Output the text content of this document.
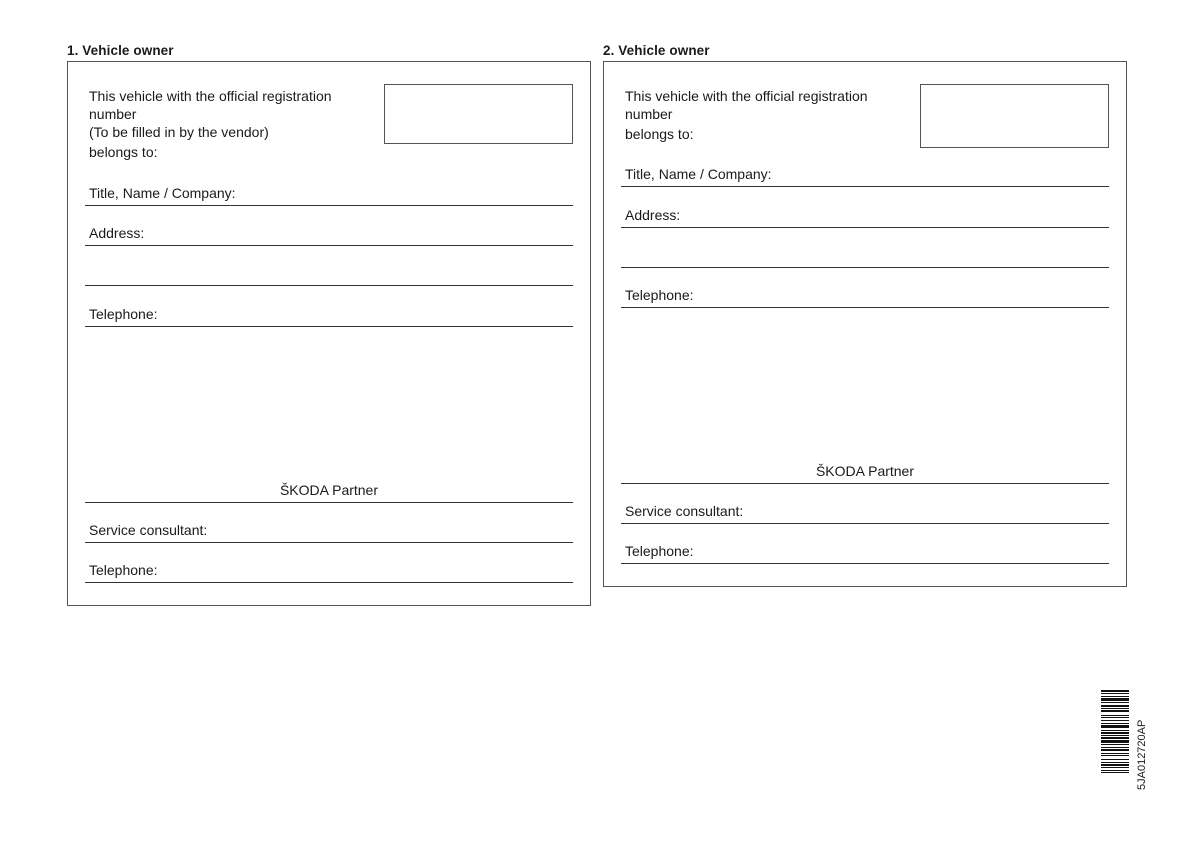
1. Vehicle owner
This vehicle with the official registration
number
(To be filled in by the vendor)
belongs to:
Title, Name / Company:
Address:
Telephone:
ŠKODA Partner
Service consultant:
Telephone:
2. Vehicle owner
This vehicle with the official registration
number
belongs to:
Title, Name / Company:
Address:
Telephone:
ŠKODA Partner
Service consultant:
Telephone:
5JA012720AP
